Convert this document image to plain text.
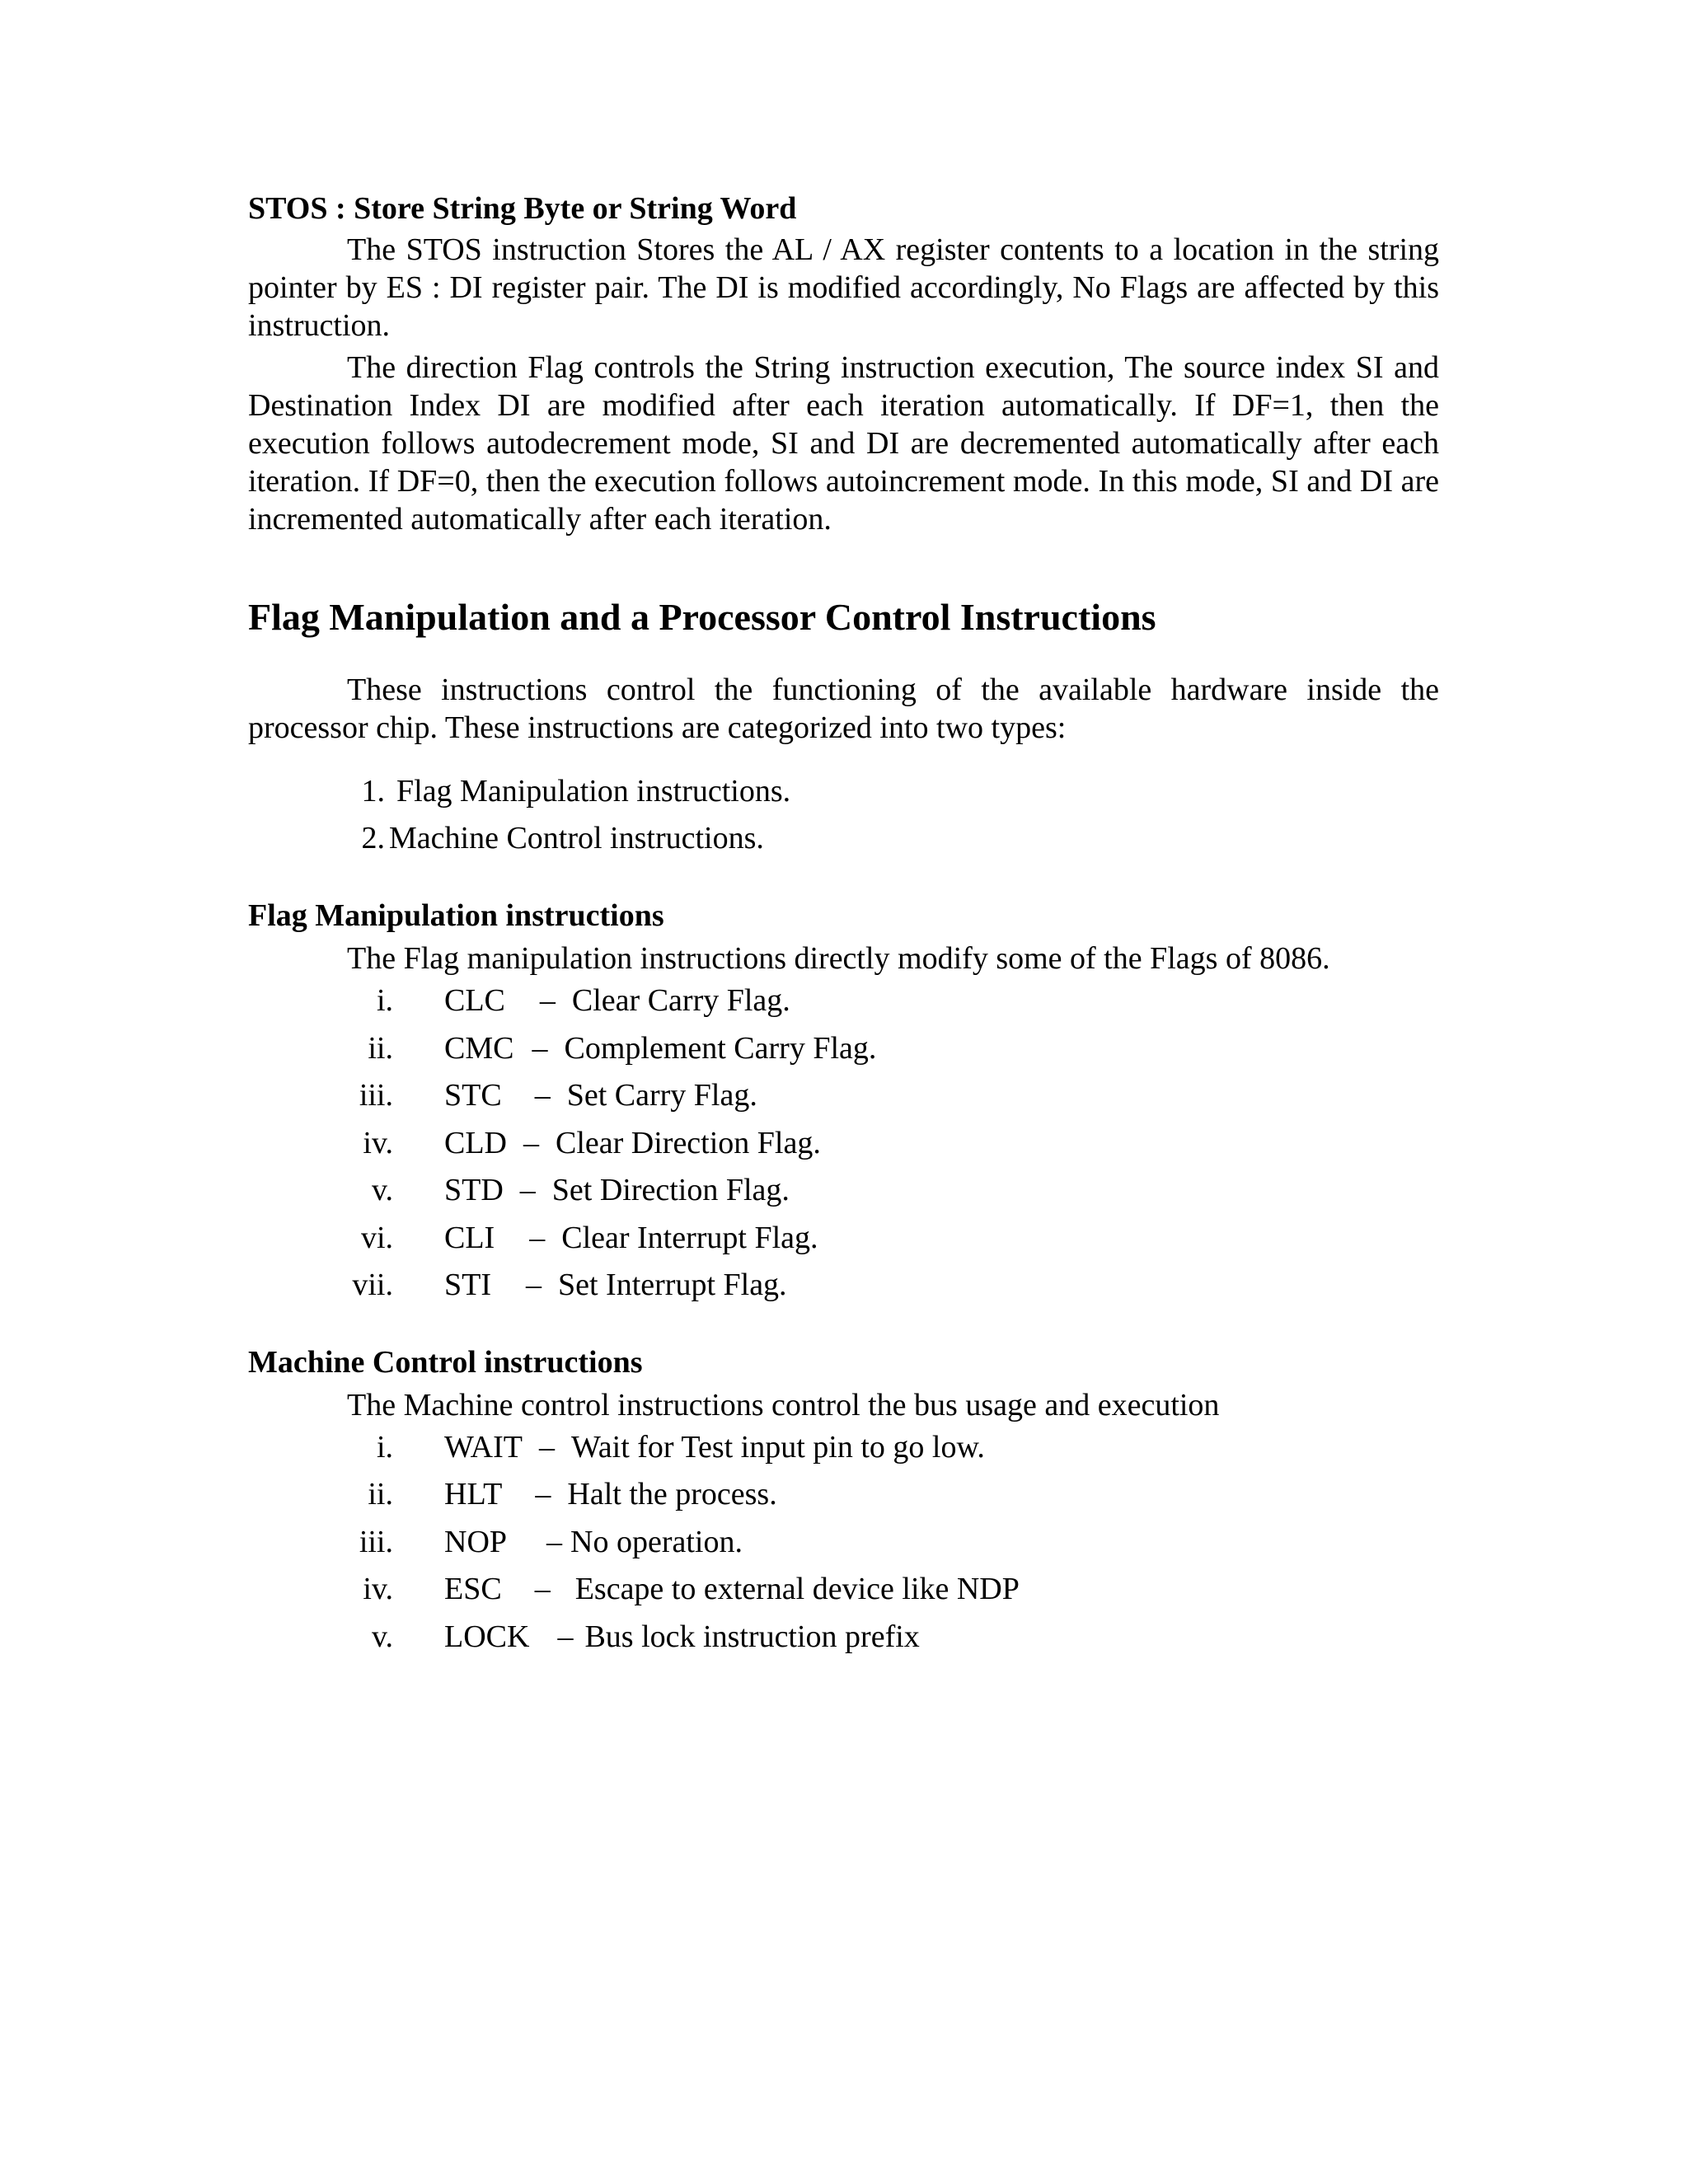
STOS : Store String Byte or String Word

The STOS instruction Stores the AL / AX register contents to a location in the string pointer by ES : DI register pair. The DI is modified accordingly, No Flags are affected by this instruction.

The direction Flag controls the String instruction execution, The source index SI and Destination Index DI are modified after each iteration automatically. If DF=1, then the execution follows autodecrement mode, SI and DI are decremented automatically after each iteration. If DF=0, then the execution follows autoincrement mode. In this mode, SI and DI are incremented automatically after each iteration.

Flag Manipulation and a Processor Control Instructions

These instructions control the functioning of the available hardware inside the processor chip. These instructions are categorized into two types:

1. Flag Manipulation instructions.
2. Machine Control instructions.
Flag Manipulation instructions

The Flag manipulation instructions directly modify some of the Flags of 8086.

i. CLC – Clear Carry Flag.
ii. CMC – Complement Carry Flag.
iii. STC – Set Carry Flag.
iv. CLD – Clear Direction Flag.
v. STD – Set Direction Flag.
vi. CLI – Clear Interrupt Flag.
vii. STI – Set Interrupt Flag.
Machine Control instructions

The Machine control instructions control the bus usage and execution

i. WAIT – Wait for Test input pin to go low.
ii. HLT – Halt the process.
iii. NOP – No operation.
iv. ESC – Escape to external device like NDP
v. LOCK – Bus lock instruction prefix
